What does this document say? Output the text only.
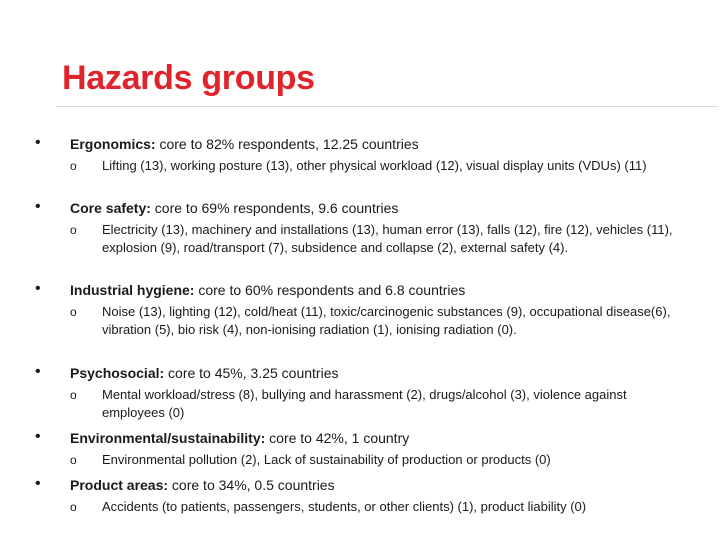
Hazards groups
• Ergonomics: core to 82% respondents, 12.25 countries
o Lifting (13), working posture (13), other physical workload (12), visual display units (VDUs) (11)
• Core safety: core to 69% respondents, 9.6 countries
o Electricity (13), machinery and installations (13), human error (13), falls (12), fire (12), vehicles (11), explosion (9), road/transport (7), subsidence and collapse (2), external safety (4).
• Industrial hygiene: core to 60% respondents and 6.8 countries
o Noise (13), lighting (12), cold/heat (11), toxic/carcinogenic substances (9), occupational disease(6), vibration (5), bio risk (4), non-ionising radiation (1), ionising radiation (0).
• Psychosocial: core to 45%, 3.25 countries
o Mental workload/stress (8), bullying and harassment (2), drugs/alcohol (3), violence against employees (0)
• Environmental/sustainability: core to 42%, 1 country
o Environmental pollution (2), Lack of sustainability of production or products (0)
• Product areas: core to 34%, 0.5 countries
o Accidents (to patients, passengers, students, or other clients) (1), product liability (0)
